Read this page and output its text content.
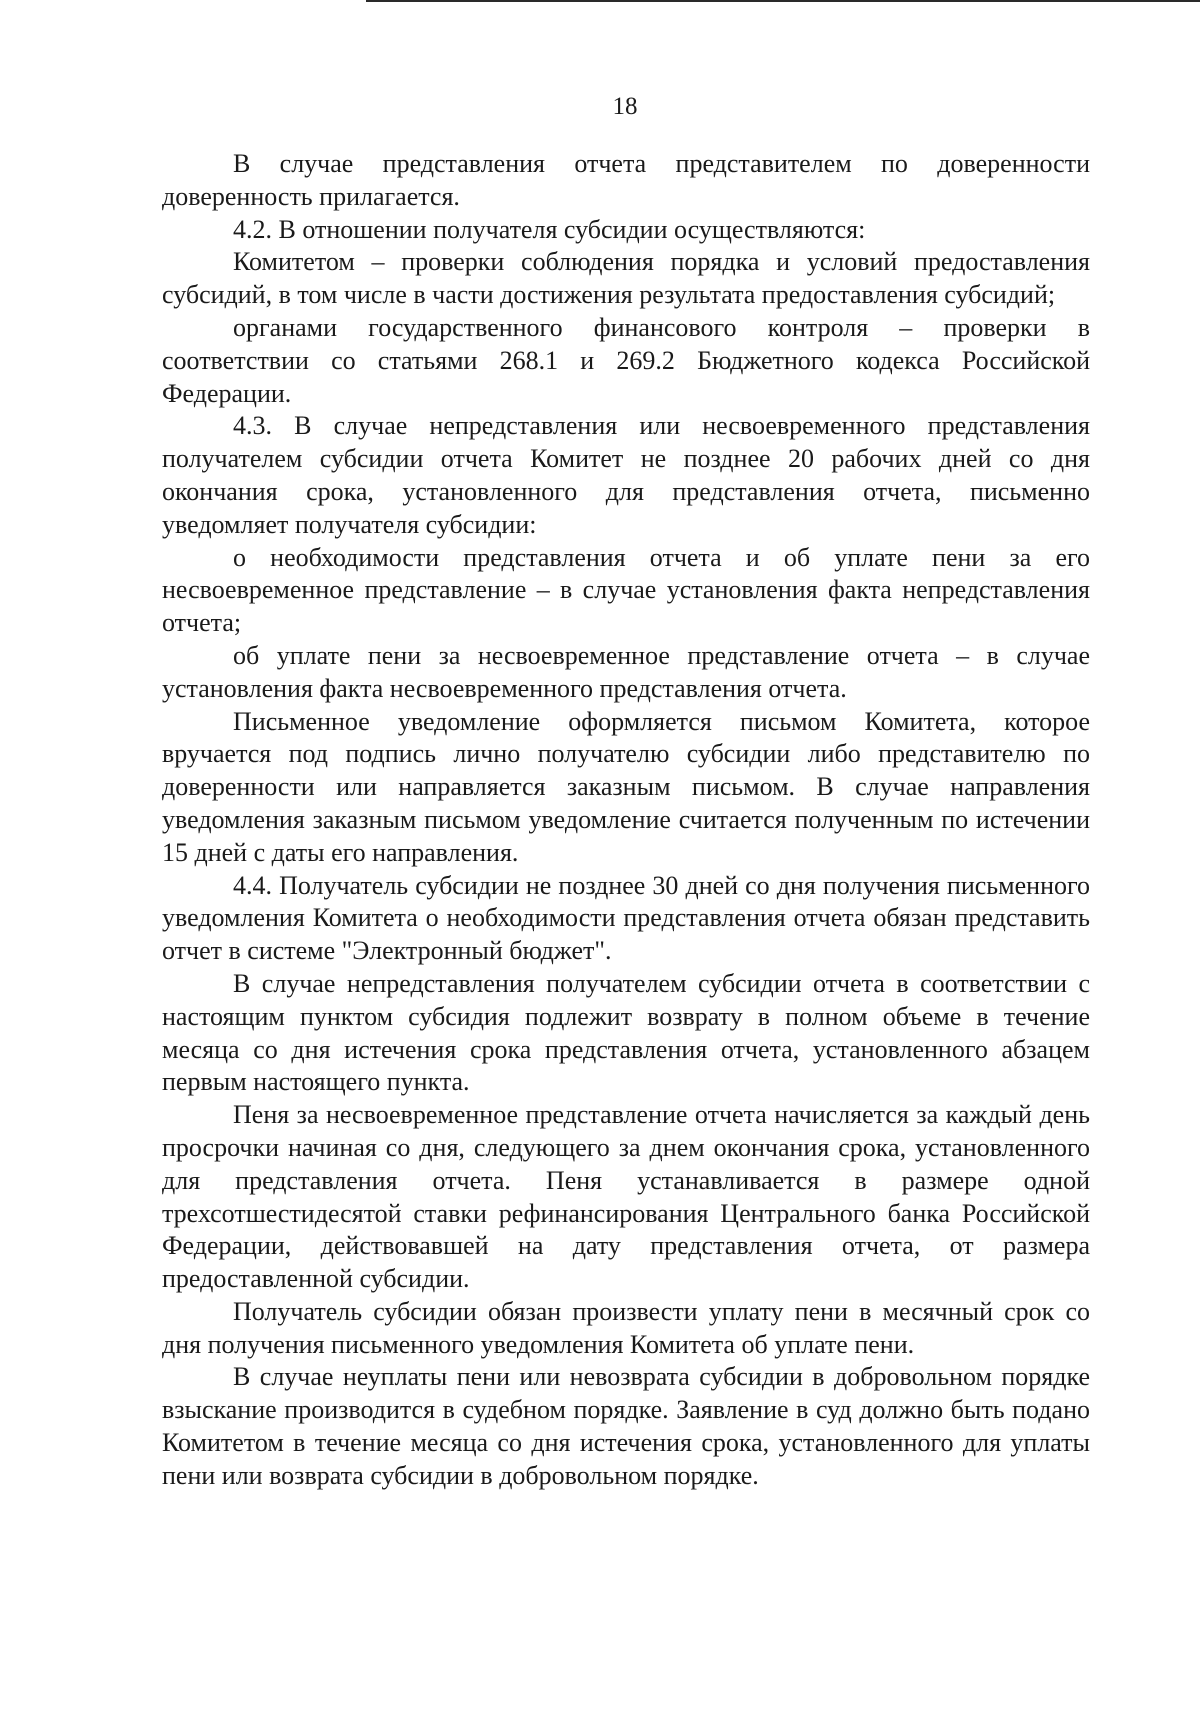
18

В случае представления отчета представителем по доверенности доверенность прилагается.

4.2. В отношении получателя субсидии осуществляются:

Комитетом – проверки соблюдения порядка и условий предоставления субсидий, в том числе в части достижения результата предоставления субсидий;

органами государственного финансового контроля – проверки в соответствии со статьями 268.1 и 269.2 Бюджетного кодекса Российской Федерации.

4.3. В случае непредставления или несвоевременного представления получателем субсидии отчета Комитет не позднее 20 рабочих дней со дня окончания срока, установленного для представления отчета, письменно уведомляет получателя субсидии:

о необходимости представления отчета и об уплате пени за его несвоевременное представление – в случае установления факта непредставления отчета;

об уплате пени за несвоевременное представление отчета – в случае установления факта несвоевременного представления отчета.

Письменное уведомление оформляется письмом Комитета, которое вручается под подпись лично получателю субсидии либо представителю по доверенности или направляется заказным письмом. В случае направления уведомления заказным письмом уведомление считается полученным по истечении 15 дней с даты его направления.

4.4. Получатель субсидии не позднее 30 дней со дня получения письменного уведомления Комитета о необходимости представления отчета обязан представить отчет в системе "Электронный бюджет".

В случае непредставления получателем субсидии отчета в соответствии с настоящим пунктом субсидия подлежит возврату в полном объеме в течение месяца со дня истечения срока представления отчета, установленного абзацем первым настоящего пункта.

Пеня за несвоевременное представление отчета начисляется за каждый день просрочки начиная со дня, следующего за днем окончания срока, установленного для представления отчета. Пеня устанавливается в размере одной трехсотшестидесятой ставки рефинансирования Центрального банка Российской Федерации, действовавшей на дату представления отчета, от размера предоставленной субсидии.

Получатель субсидии обязан произвести уплату пени в месячный срок со дня получения письменного уведомления Комитета об уплате пени.

В случае неуплаты пени или невозврата субсидии в добровольном порядке взыскание производится в судебном порядке. Заявление в суд должно быть подано Комитетом в течение месяца со дня истечения срока, установленного для уплаты пени или возврата субсидии в добровольном порядке.
